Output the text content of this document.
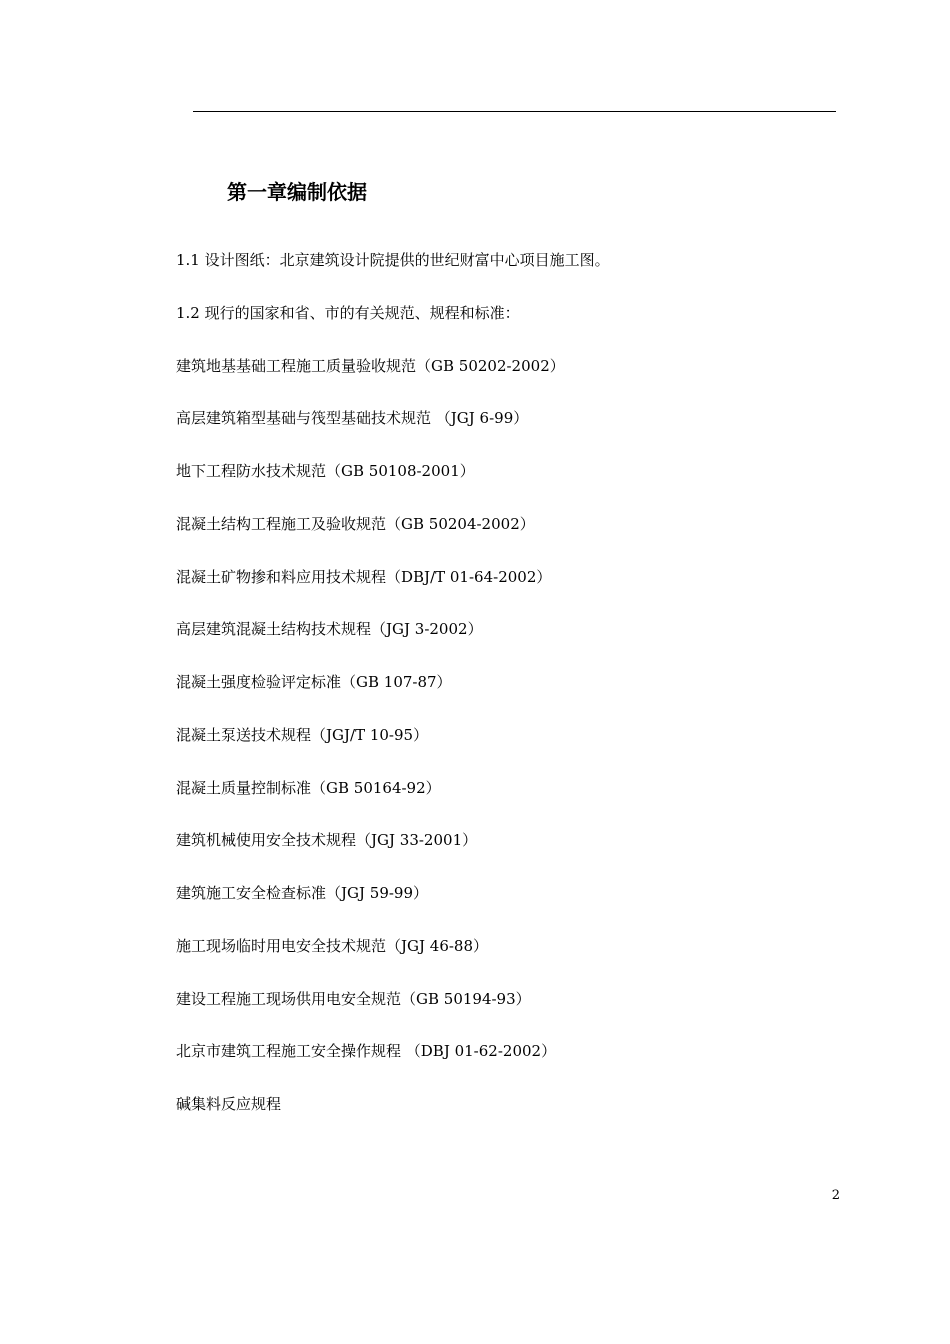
第一章编制依据

1.1 设计图纸：北京建筑设计院提供的世纪财富中心项目施工图。

1.2 现行的国家和省、市的有关规范、规程和标准：

建筑地基基础工程施工质量验收规范（GB 50202-2002）

高层建筑箱型基础与筏型基础技术规范 （JGJ 6-99）

地下工程防水技术规范（GB 50108-2001）

混凝土结构工程施工及验收规范（GB 50204-2002）

混凝土矿物掺和料应用技术规程（DBJ/T 01-64-2002）

高层建筑混凝土结构技术规程（JGJ 3-2002）

混凝土强度检验评定标准（GB 107-87）

混凝土泵送技术规程（JGJ/T 10-95）

混凝土质量控制标准（GB 50164-92）

建筑机械使用安全技术规程（JGJ 33-2001）

建筑施工安全检查标准（JGJ 59-99）

施工现场临时用电安全技术规范（JGJ 46-88）

建设工程施工现场供用电安全规范（GB 50194-93）

北京市建筑工程施工安全操作规程 （DBJ 01-62-2002）

碱集料反应规程

2
